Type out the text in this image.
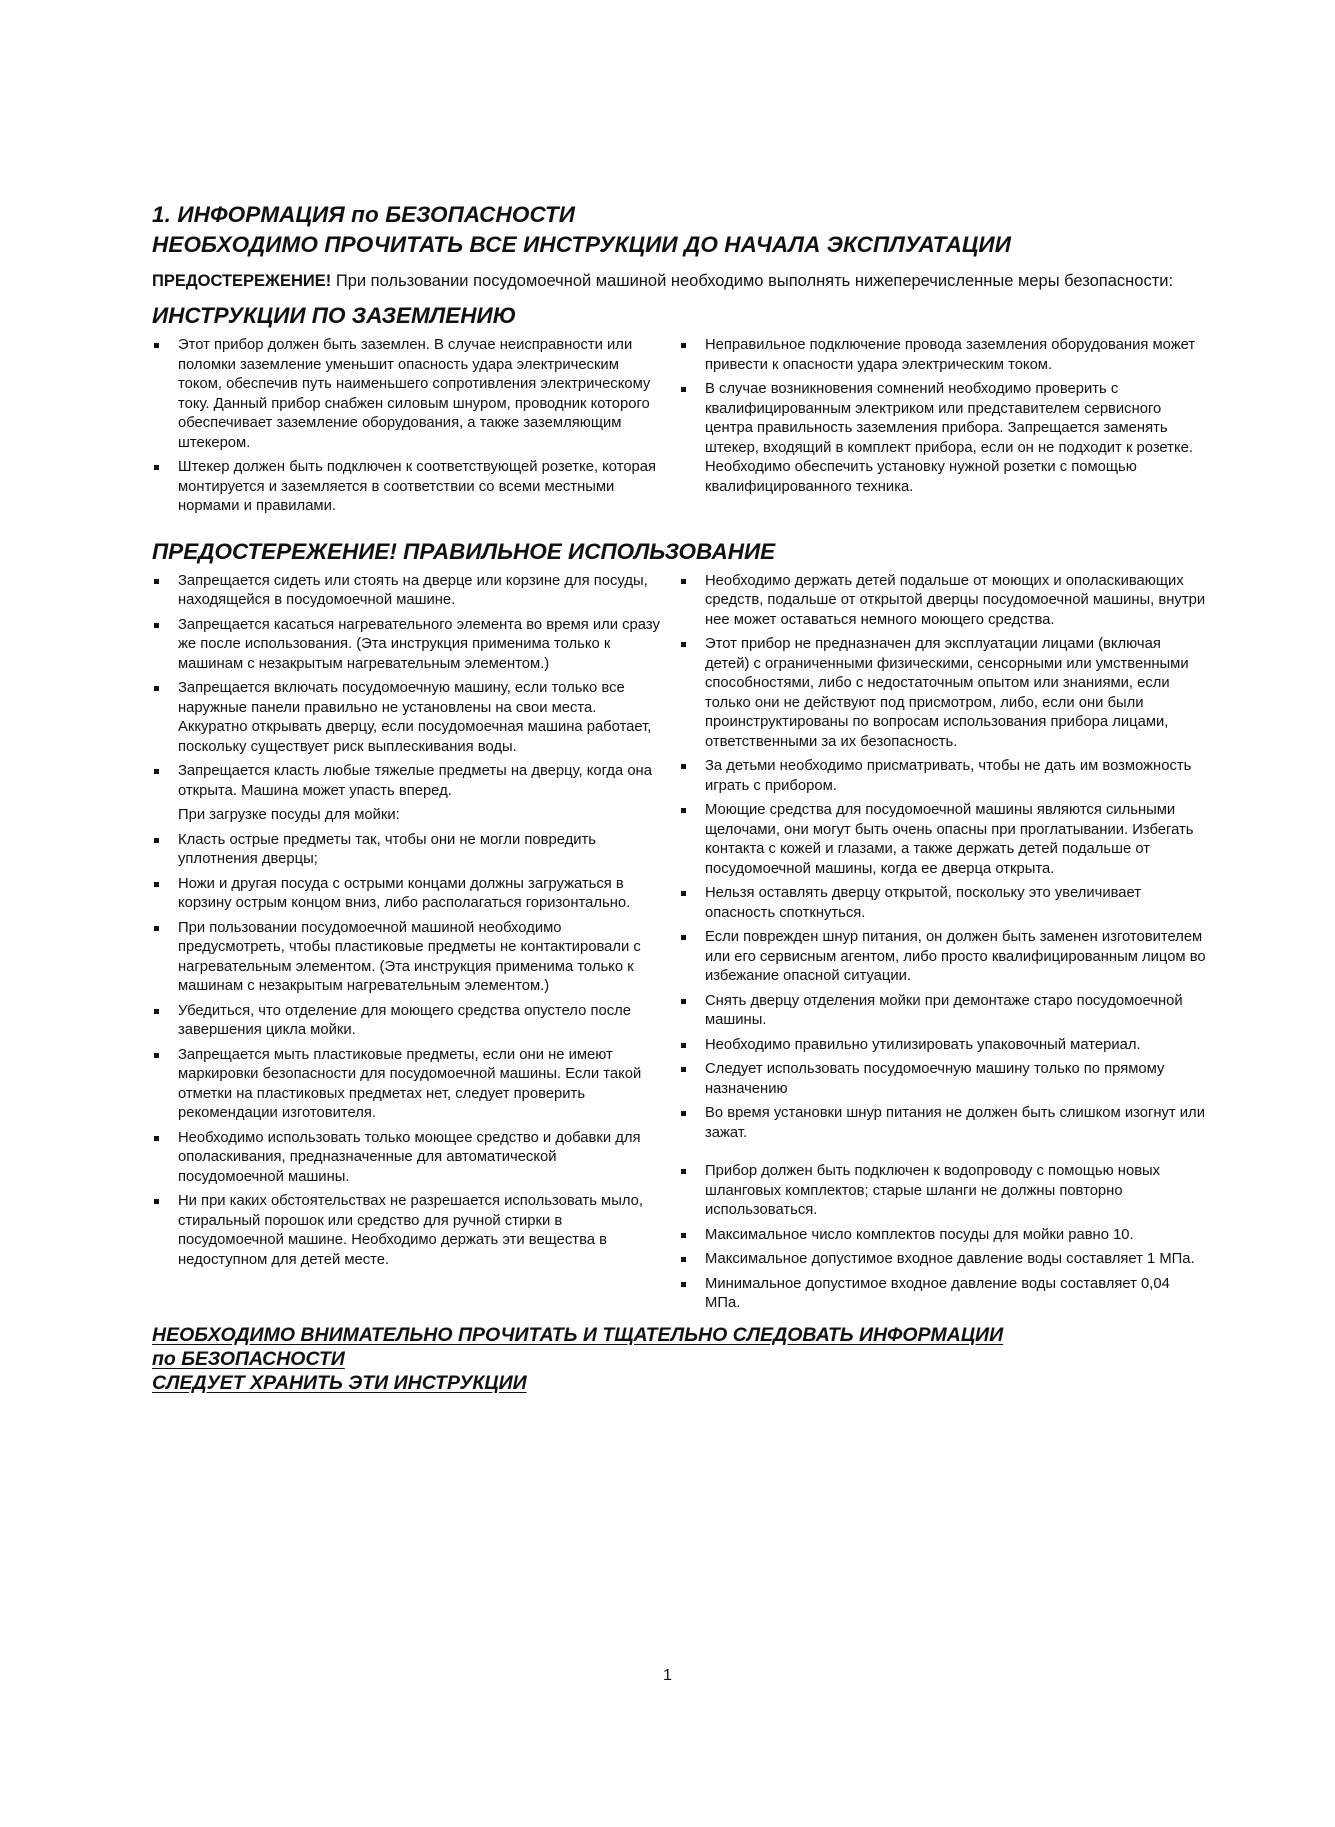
1. ИНФОРМАЦИЯ по БЕЗОПАСНОСТИ
НЕОБХОДИМО ПРОЧИТАТЬ ВСЕ ИНСТРУКЦИИ ДО НАЧАЛА ЭКСПЛУАТАЦИИ

ПРЕДОСТЕРЕЖЕНИЕ! При пользовании посудомоечной машиной необходимо выполнять нижеперечисленные меры безопасности:

ИНСТРУКЦИИ ПО ЗАЗЕМЛЕНИЮ
Этот прибор должен быть заземлен. В случае неисправности или поломки заземление уменьшит опасность удара электрическим током, обеспечив путь наименьшего сопротивления электрическому току. Данный прибор снабжен силовым шнуром, проводник которого обеспечивает заземление оборудования, а также заземляющим штекером.
Штекер должен быть подключен к соответствующей розетке, которая монтируется и заземляется в соответствии со всеми местными нормами и правилами.
Неправильное подключение провода заземления оборудования может привести к опасности удара электрическим током.
В случае возникновения сомнений необходимо проверить с квалифицированным электриком или представителем сервисного центра правильность заземления прибора. Запрещается заменять штекер, входящий в комплект прибора, если он не подходит к розетке. Необходимо обеспечить установку нужной розетки с помощью квалифицированного техника.
ПРЕДОСТЕРЕЖЕНИЕ! ПРАВИЛЬНОЕ ИСПОЛЬЗОВАНИЕ
Запрещается сидеть или стоять на дверце или корзине для посуды, находящейся в посудомоечной машине.
Запрещается касаться нагревательного элемента во время или сразу же после использования. (Эта инструкция применима только к машинам с незакрытым нагревательным элементом.)
Запрещается включать посудомоечную машину, если только все наружные панели правильно не установлены на свои места. Аккуратно открывать дверцу, если посудомоечная машина работает, поскольку существует риск выплескивания воды.
Запрещается класть любые тяжелые предметы на дверцу, когда она открыта. Машина может упасть вперед.
При загрузке посуды для мойки:
Класть острые предметы так, чтобы они не могли повредить уплотнения дверцы;
Ножи и другая посуда с острыми концами должны загружаться в корзину острым концом вниз, либо располагаться горизонтально.
При пользовании посудомоечной машиной необходимо предусмотреть, чтобы пластиковые предметы не контактировали с нагревательным элементом. (Эта инструкция применима только к машинам с незакрытым нагревательным элементом.)
Убедиться, что отделение для моющего средства опустело после завершения цикла мойки.
Запрещается мыть пластиковые предметы, если они не имеют маркировки безопасности для посудомоечной машины. Если такой отметки на пластиковых предметах нет, следует проверить рекомендации изготовителя.
Необходимо использовать только моющее средство и добавки для ополаскивания, предназначенные для автоматической посудомоечной машины.
Ни при каких обстоятельствах не разрешается использовать мыло, стиральный порошок или средство для ручной стирки в посудомоечной машине. Необходимо держать эти вещества в недоступном для детей месте.
Необходимо держать детей подальше от моющих и ополаскивающих средств, подальше от открытой дверцы посудомоечной машины, внутри нее может оставаться немного моющего средства.
Этот прибор не предназначен для эксплуатации лицами (включая детей) с ограниченными физическими, сенсорными или умственными способностями, либо с недостаточным опытом или знаниями, если только они не действуют под присмотром, либо, если они были проинструктированы по вопросам использования прибора лицами, ответственными за их безопасность.
За детьми необходимо присматривать, чтобы не дать им возможность играть с прибором.
Моющие средства для посудомоечной машины являются сильными щелочами, они могут быть очень опасны при проглатывании. Избегать контакта с кожей и глазами, а также держать детей подальше от посудомоечной машины, когда ее дверца открыта.
Нельзя оставлять дверцу открытой, поскольку это увеличивает опасность споткнуться.
Если поврежден шнур питания, он должен быть заменен изготовителем или его сервисным агентом, либо просто квалифицированным лицом во избежание опасной ситуации.
Снять дверцу отделения мойки при демонтаже старо посудомоечной машины.
Необходимо правильно утилизировать упаковочный материал.
Следует использовать посудомоечную машину только по прямому назначению
Во время установки шнур питания не должен быть слишком изогнут или зажат.
Прибор должен быть подключен к водопроводу с помощью новых шланговых комплектов; старые шланги не должны повторно использоваться.
Максимальное число комплектов посуды для мойки равно 10.
Максимальное допустимое входное давление воды составляет 1 МПа.
Минимальное допустимое входное давление воды составляет 0,04 МПа.

НЕОБХОДИМО ВНИМАТЕЛЬНО ПРОЧИТАТЬ И ТЩАТЕЛЬНО СЛЕДОВАТЬ ИНФОРМАЦИИ

по БЕЗОПАСНОСТИ

СЛЕДУЕТ ХРАНИТЬ ЭТИ ИНСТРУКЦИИ

1
